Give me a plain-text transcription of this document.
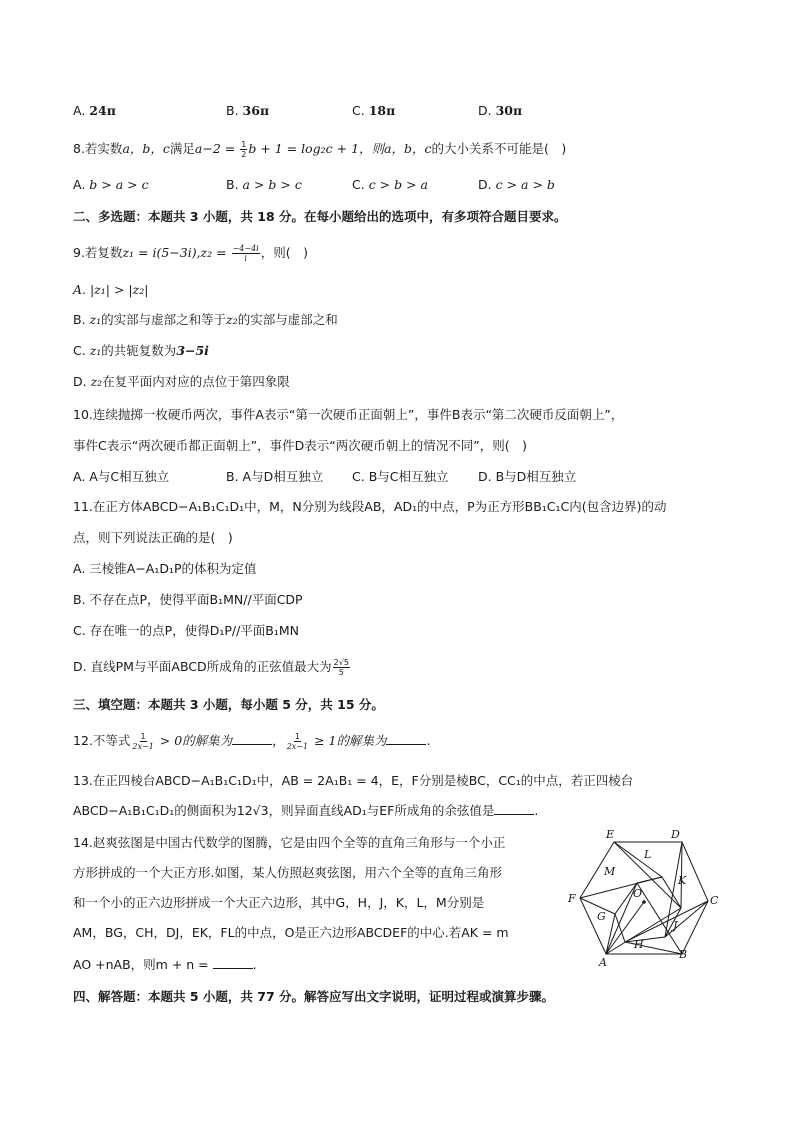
A. 24π	B. 36π	C. 18π	D. 30π
8.若实数a，b，c满足$a-2 = \frac{1}{2}$ b + 1 = log₂c + 1，则a，b，c的大小关系不可能是(　)
A. b > a > c	B. a > b > c	C. c > b > a	D. c > a > b
二、多选题：本题共 3 小题，共 18 分。在每小题给出的选项中，有多项符合题目要求。
9.若复数$z_1 = i(5-3i),z_2 = \frac{-4-4i}{i}$ ，则(　)
A. |z₁| > |z₂|
B. z₁的实部与虚部之和等于z₂的实部与虚部之和
C. z₁的共轭复数为3−5i
D. z₂在复平面内对应的点位于第四象限
10.连续抛掷一枚硬币两次，事件A表示“第一次硬币正面朝上”，事件B表示“第二次硬币反面朝上”，
事件C表示“两次硬币都正面朝上”，事件D表示“两次硬币朝上的情况不同”，则(　)
A. A与C相互独立	B. A与D相互独立 C. B与C相互独立 D. B与D相互独立
11.在正方体ABCD−A₁B₁C₁D₁中，M，N分别为线段AB，AD₁的中点，P为正方形BB₁C₁C内(包含边界)的动
点，则下列说法正确的是(　)
A. 三棱锥A−A₁D₁P的体积为定值
B. 不存在点P，使得平面B₁MN//平面CDP
C. 存在唯一的点P，使得D₁P//平面B₁MN
D. 直线PM与平面ABCD所成角的正弦值最大为 $\frac{2√5}{5}$
三、填空题：本题共 3 小题，每小题 5 分，共 15 分。
12.不等式 $\frac{1}{2x-1} > 0$的解集为	， $\frac{1}{2x-1} \ge 1$的解集为	.
13.在正四棱台ABCD−A₁B₁C₁D₁中，AB = 2A₁B₁ = 4，E，F分别是棱BC，CC₁的中点，若正四棱台
ABCD−A₁B₁C₁D₁的侧面积为12√3，则异面直线AD₁与EF所成角的余弦值是	.
14.赵爽弦图是中国古代数学的图腾，它是由四个全等的直角三角形与一个小正
方形拼成的一个大正方形.如图，某人仿照赵爽弦图，用六个全等的直角三角形
和一个小的正六边形拼成一个大正六边形，其中G，H，J，K，L，M分别是
AM，BG，CH，DJ，EK，FL的中点，O是正六边形ABCDEF的中心.若AK = m
AO +nAB，则m + n =	.
E	D
L
M
K
O
F	C
G
J
H
A
B
四、解答题：本题共 5 小题，共 77 分。解答应写出文字说明，证明过程或演算步骤。
